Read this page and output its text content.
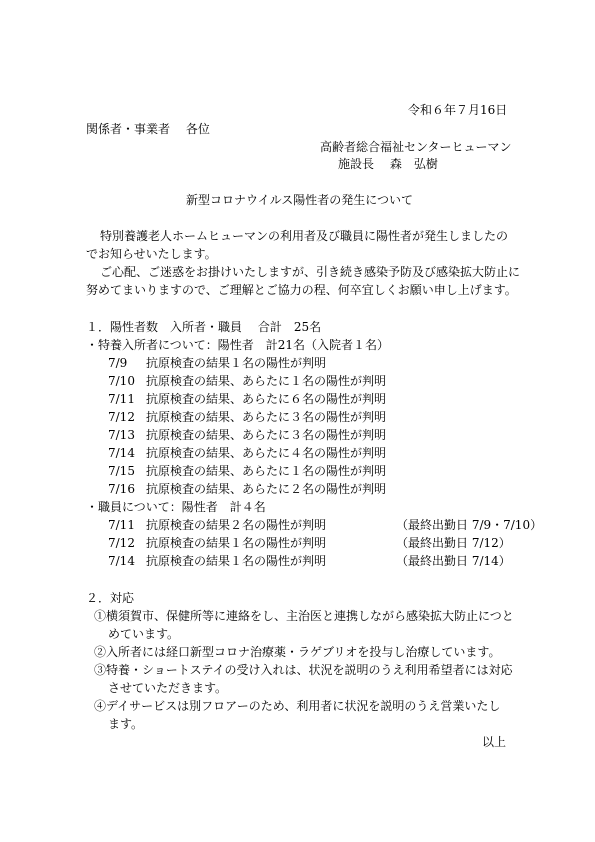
令和６年７月16日
関係者・事業者　 各位
高齢者総合福祉センターヒューマン
施設長　 森　弘樹
新型コロナウイルス陽性者の発生について
特別養護老人ホームヒューマンの利用者及び職員に陽性者が発生しましたの
でお知らせいたします。
ご心配、ご迷惑をお掛けいたしますが、引き続き感染予防及び感染拡大防止に
努めてまいりますので、ご理解とご協力の程、何卒宜しくお願い申し上げます。
１．陽性者数　入所者・職員　 合計　25名
・特養入所者について：陽性者　計21名（入院者１名）
7/9 抗原検査の結果１名の陽性が判明
7/10 抗原検査の結果、あらたに１名の陽性が判明
7/11 抗原検査の結果、あらたに６名の陽性が判明
7/12 抗原検査の結果、あらたに３名の陽性が判明
7/13 抗原検査の結果、あらたに３名の陽性が判明
7/14 抗原検査の結果、あらたに４名の陽性が判明
7/15 抗原検査の結果、あらたに１名の陽性が判明
7/16 抗原検査の結果、あらたに２名の陽性が判明
・職員について：陽性者　計４名
7/11 抗原検査の結果２名の陽性が判明	（最終出勤日 7/9・7/10）
7/12 抗原検査の結果１名の陽性が判明	（最終出勤日 7/12）
7/14 抗原検査の結果１名の陽性が判明	（最終出勤日 7/14）
２．対応
①横須賀市、保健所等に連絡をし、主治医と連携しながら感染拡大防止につと
めています。
②入所者には経口新型コロナ治療薬・ラゲブリオを投与し治療しています。
③特養・ショートステイの受け入れは、状況を説明のうえ利用希望者には対応
させていただきます。
④デイサービスは別フロアーのため、利用者に状況を説明のうえ営業いたし
ます。
以上
